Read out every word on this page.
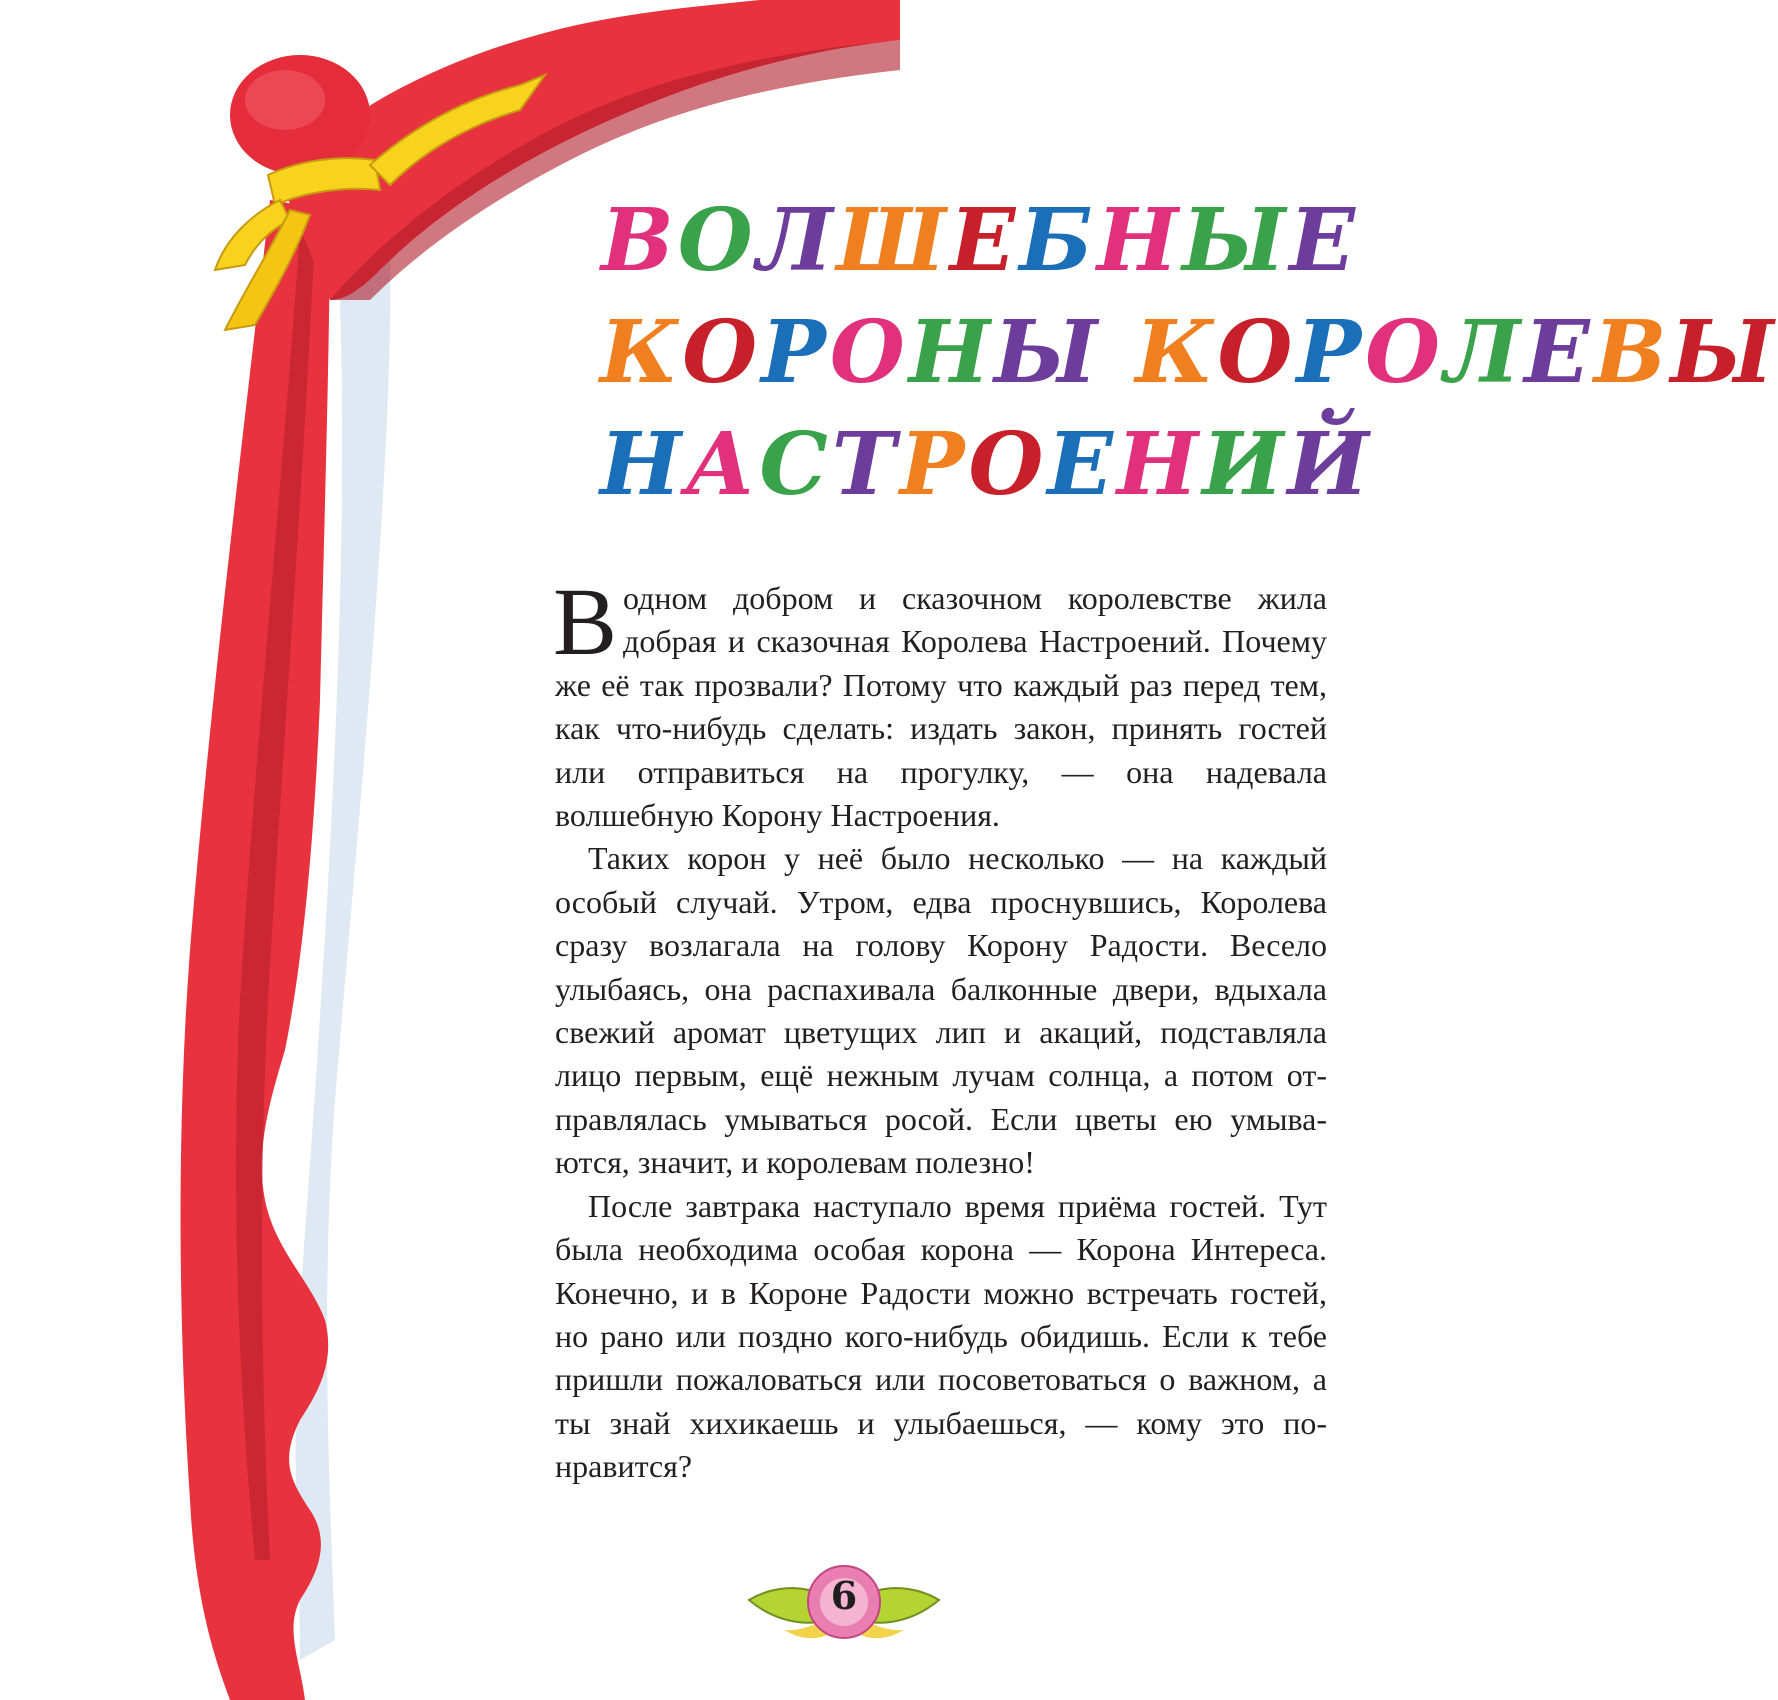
ВОЛШЕБНЫЕ
КОРОНЫ КОРОЛЕВЫ
НАСТРОЕНИЙ

В одном добром и сказочном королевстве жила добрая и сказочная Королева Настроений. Почему же её так прозвали? Потому что каждый раз перед тем, как что-нибудь сделать: издать закон, принять гостей или отправиться на прогулку, — она надевала волшебную Корону Настроения.

Таких корон у неё было несколько — на каждый особый случай. Утром, едва проснувшись, Королева сразу возлагала на голову Корону Радости. Весело улыбаясь, она распахивала балконные двери, вдыхала свежий аромат цветущих лип и акаций, подставляла лицо первым, ещё нежным лучам солнца, а потом отправлялась умываться росой. Если цветы ею умываются, значит, и королевам полезно!

После завтрака наступало время приёма гостей. Тут была необходима особая корона — Корона Интереса. Конечно, и в Короне Радости можно встречать гостей, но рано или поздно кого-нибудь обидишь. Если к тебе пришли пожаловаться или посоветоваться о важном, а ты знай хихикаешь и улыбаешься, — кому это понравится?

6
